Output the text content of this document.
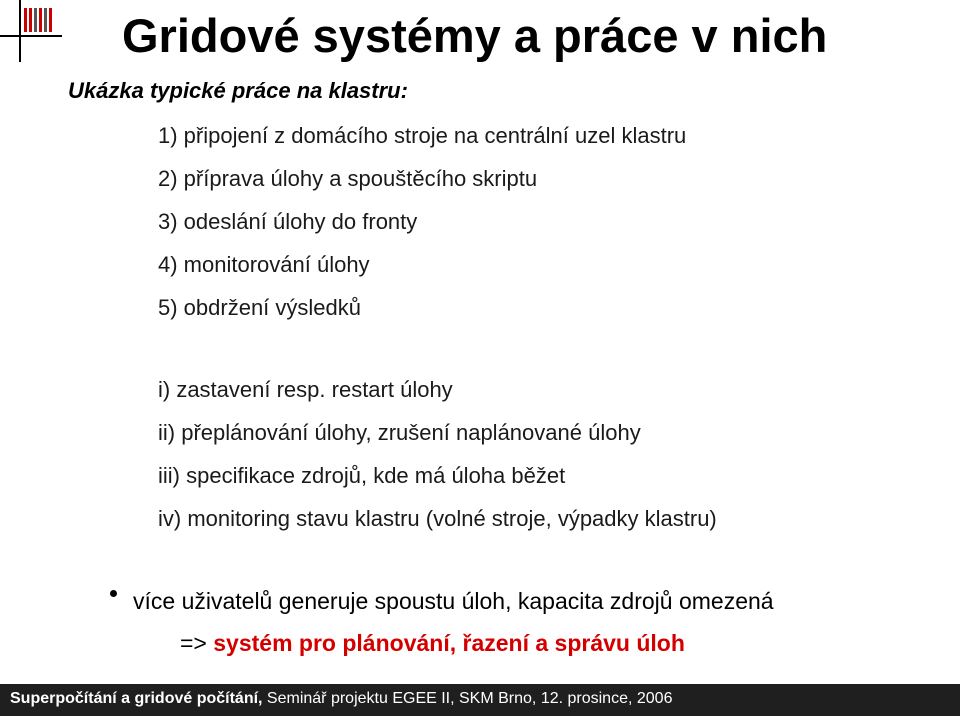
Gridové systémy a práce v nich
Ukázka typické práce na klastru:
1) připojení z domácího stroje na centrální uzel klastru
2) příprava úlohy a spouštěcího skriptu
3) odeslání úlohy do fronty
4) monitorování úlohy
5) obdržení výsledků
i) zastavení resp. restart úlohy
ii) přeplánování úlohy, zrušení naplánované úlohy
iii) specifikace zdrojů, kde má úloha běžet
iv) monitoring stavu klastru (volné stroje, výpadky klastru)
více uživatelů generuje spoustu úloh, kapacita zdrojů omezená
=> systém pro plánování, řazení a správu úloh
Superpočítání a gridové počítání, Seminář projektu EGEE II, SKM Brno, 12. prosince, 2006
